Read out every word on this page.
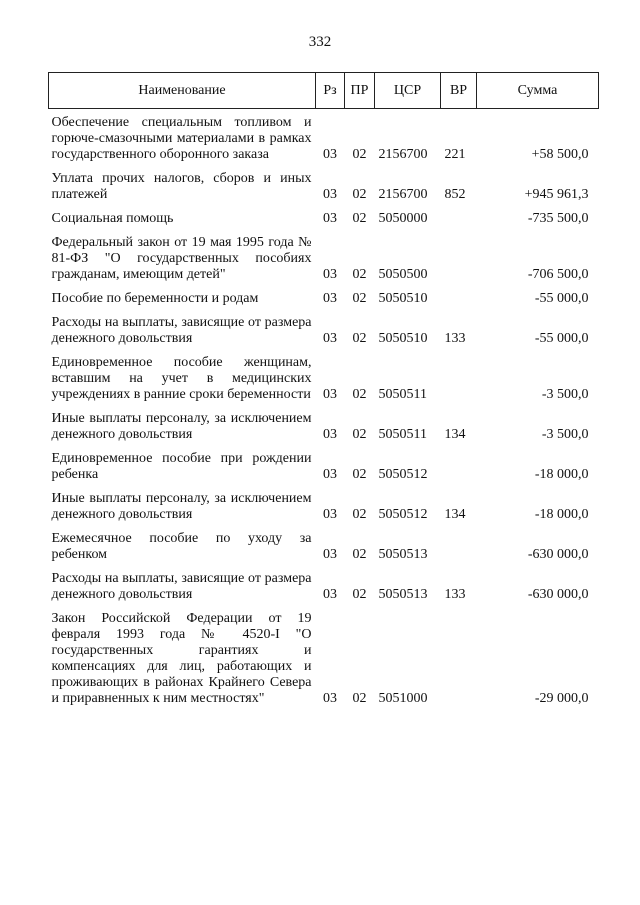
332
Наименование	Рз	ПР	ЦСР	ВР	Сумма
Обеспечение специальным топливом и горюче-смазочными материалами в рамках государственного оборонного заказа	03	02	2156700	221	+58 500,0
Уплата прочих налогов, сборов и иных платежей	03	02	2156700	852	+945 961,3
Социальная помощь	03	02	5050000		-735 500,0
Федеральный закон от 19 мая 1995 года № 81-ФЗ "О государственных пособиях гражданам, имеющим детей"	03	02	5050500		-706 500,0
Пособие по беременности и родам	03	02	5050510		-55 000,0
Расходы на выплаты, зависящие от размера денежного довольствия	03	02	5050510	133	-55 000,0
Единовременное пособие женщинам, вставшим на учет в медицинских учреждениях в ранние сроки беременности	03	02	5050511		-3 500,0
Иные выплаты персоналу, за исключением денежного довольствия	03	02	5050511	134	-3 500,0
Единовременное пособие при рождении ребенка	03	02	5050512		-18 000,0
Иные выплаты персоналу, за исключением денежного довольствия	03	02	5050512	134	-18 000,0
Ежемесячное пособие по уходу за ребенком	03	02	5050513		-630 000,0
Расходы на выплаты, зависящие от размера денежного довольствия	03	02	5050513	133	-630 000,0
Закон Российской Федерации от 19 февраля 1993 года № 4520-I "О государственных гарантиях и компенсациях для лиц, работающих и проживающих в районах Крайнего Севера и приравненных к ним местностях"	03	02	5051000		-29 000,0
